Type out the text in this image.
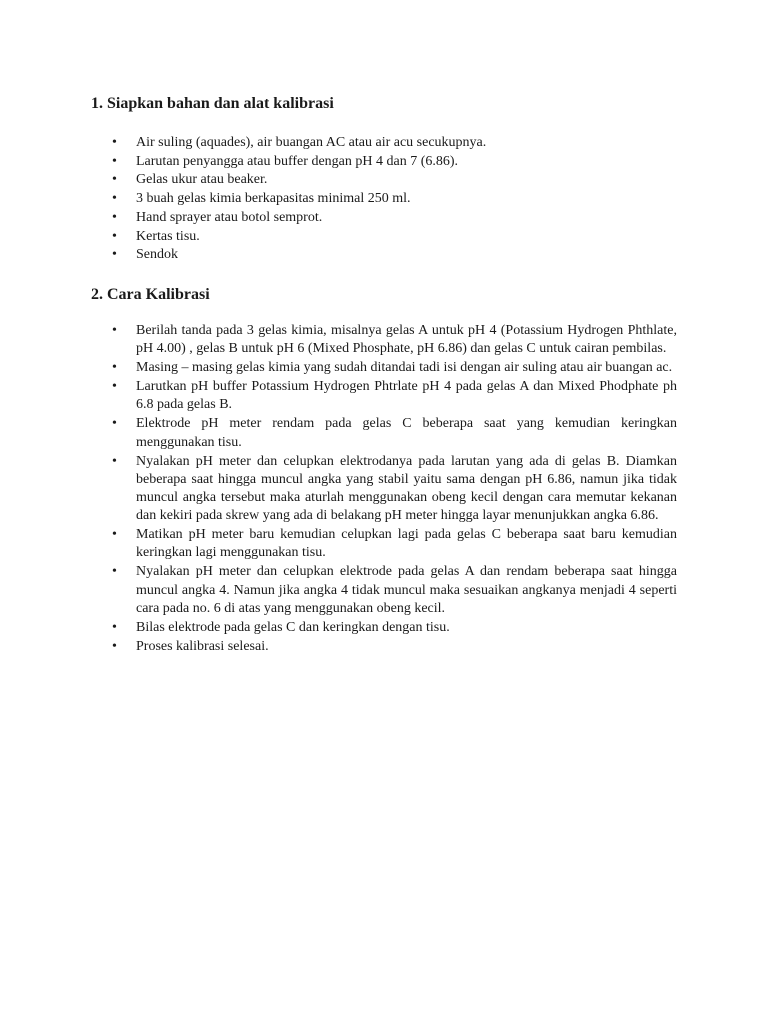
1. Siapkan bahan dan alat kalibrasi
• Air suling (aquades), air buangan AC atau air acu secukupnya.
• Larutan penyangga atau buffer dengan pH 4 dan 7 (6.86).
• Gelas ukur atau beaker.
• 3 buah gelas kimia berkapasitas minimal 250 ml.
• Hand sprayer atau botol semprot.
• Kertas tisu.
• Sendok
2. Cara Kalibrasi
• Berilah tanda pada 3 gelas kimia, misalnya gelas A untuk pH 4 (Potassium Hydrogen Phthlate, pH 4.00) , gelas B untuk pH 6 (Mixed Phosphate, pH 6.86) dan gelas C untuk cairan pembilas.
• Masing – masing gelas kimia yang sudah ditandai tadi isi dengan air suling atau air buangan ac.
• Larutkan pH buffer Potassium Hydrogen Phtrlate pH 4 pada gelas A dan Mixed Phodphate ph 6.8 pada gelas B.
• Elektrode pH meter rendam pada gelas C beberapa saat yang kemudian keringkan menggunakan tisu.
• Nyalakan pH meter dan celupkan elektrodanya pada larutan yang ada di gelas B. Diamkan beberapa saat hingga muncul angka yang stabil yaitu sama dengan pH 6.86, namun jika tidak muncul angka tersebut maka aturlah menggunakan obeng kecil dengan cara memutar kekanan dan kekiri pada skrew yang ada di belakang pH meter hingga layar menunjukkan angka 6.86.
• Matikan pH meter baru kemudian celupkan lagi pada gelas C beberapa saat baru kemudian keringkan lagi menggunakan tisu.
• Nyalakan pH meter dan celupkan elektrode pada gelas A dan rendam beberapa saat hingga muncul angka 4. Namun jika angka 4 tidak muncul maka sesuaikan angkanya menjadi 4 seperti cara pada no. 6 di atas yang menggunakan obeng kecil.
• Bilas elektrode pada gelas C dan keringkan dengan tisu.
• Proses kalibrasi selesai.
